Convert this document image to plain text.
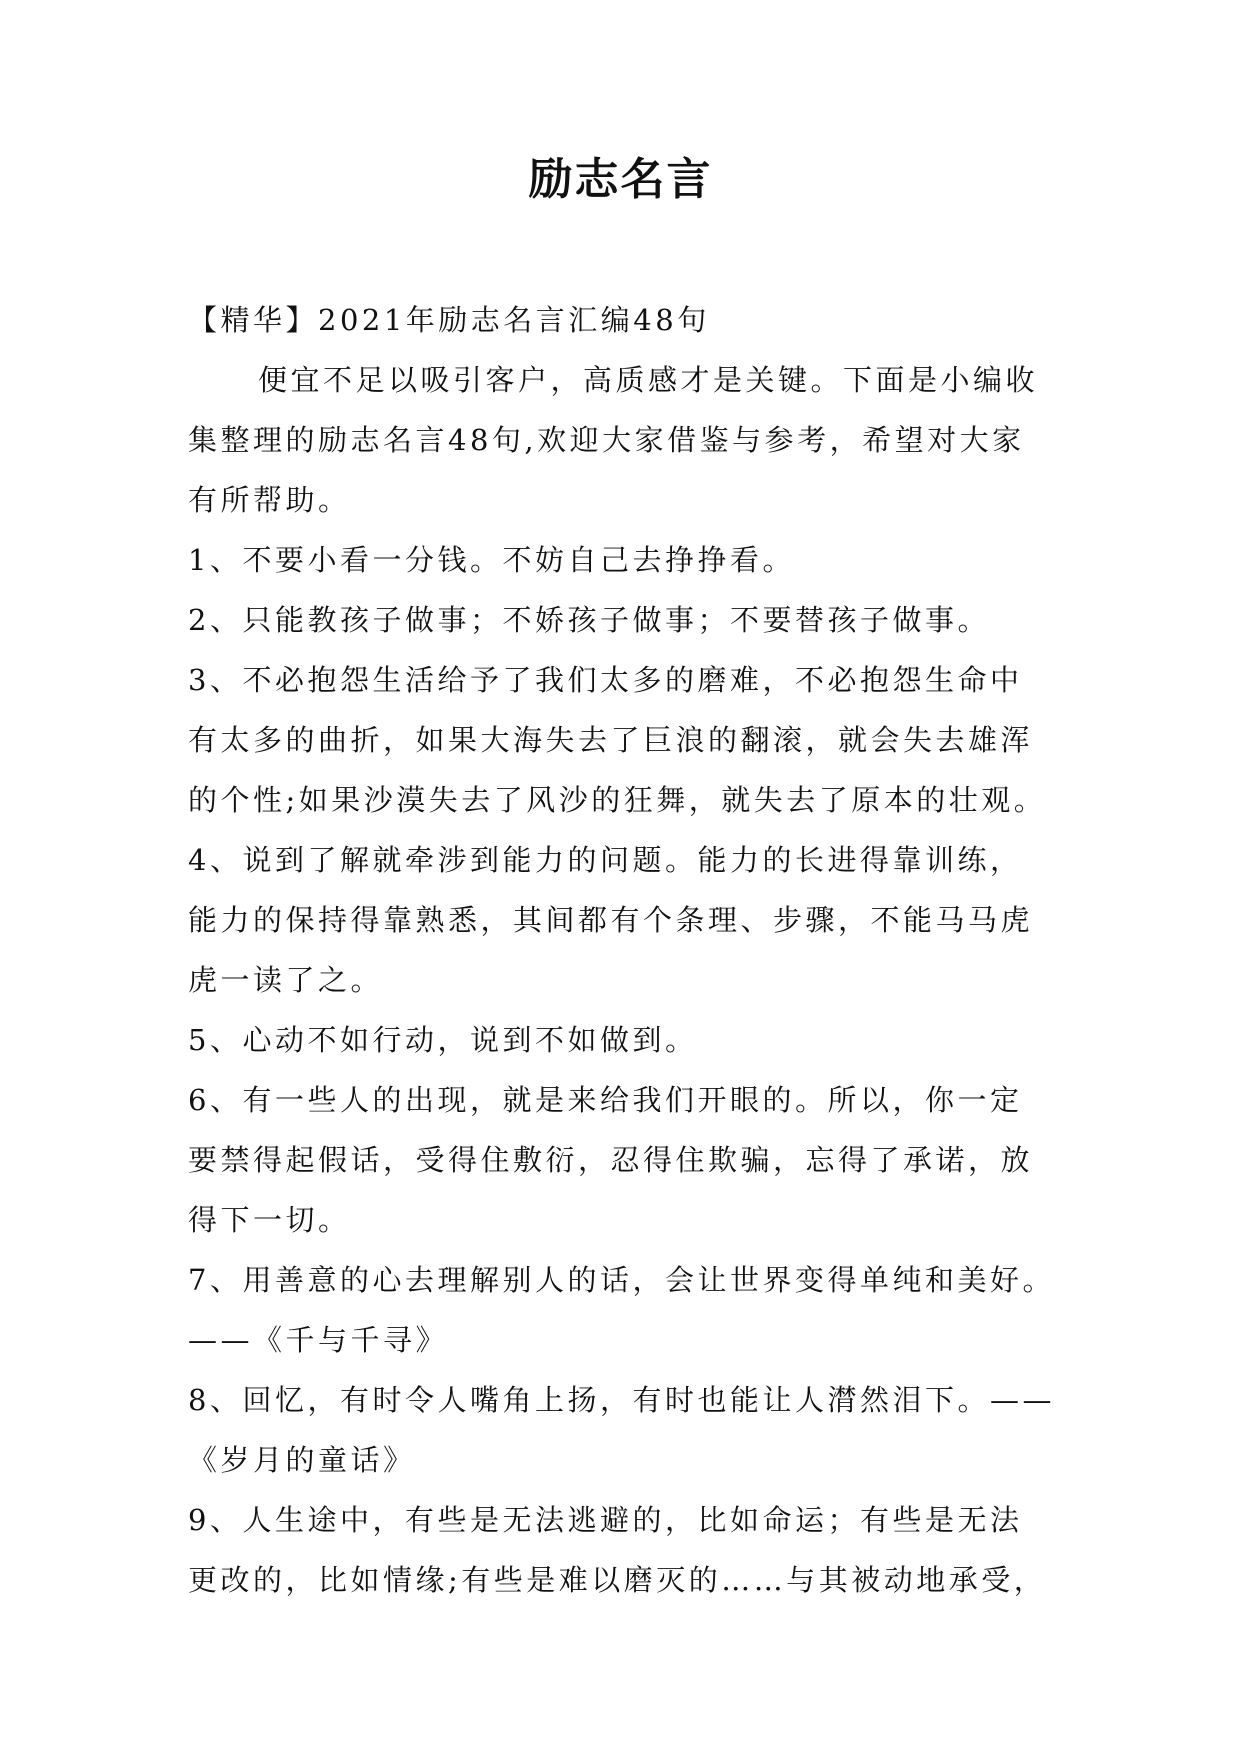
励志名言

【精华】2021年励志名言汇编48句

便宜不足以吸引客户，高质感才是关键。下面是小编收

集整理的励志名言48句,欢迎大家借鉴与参考，希望对大家

有所帮助。

1、不要小看一分钱。不妨自己去挣挣看。

2、只能教孩子做事；不娇孩子做事；不要替孩子做事。

3、不必抱怨生活给予了我们太多的磨难，不必抱怨生命中

有太多的曲折，如果大海失去了巨浪的翻滚，就会失去雄浑

的个性;如果沙漠失去了风沙的狂舞，就失去了原本的壮观。

4、说到了解就牵涉到能力的问题。能力的长进得靠训练，

能力的保持得靠熟悉，其间都有个条理、步骤，不能马马虎

虎一读了之。

5、心动不如行动，说到不如做到。

6、有一些人的出现，就是来给我们开眼的。所以，你一定

要禁得起假话，受得住敷衍，忍得住欺骗，忘得了承诺，放

得下一切。

7、用善意的心去理解别人的话，会让世界变得单纯和美好。

——《千与千寻》

8、回忆，有时令人嘴角上扬，有时也能让人潸然泪下。——

《岁月的童话》

9、人生途中，有些是无法逃避的，比如命运；有些是无法

更改的，比如情缘;有些是难以磨灭的……与其被动地承受，
